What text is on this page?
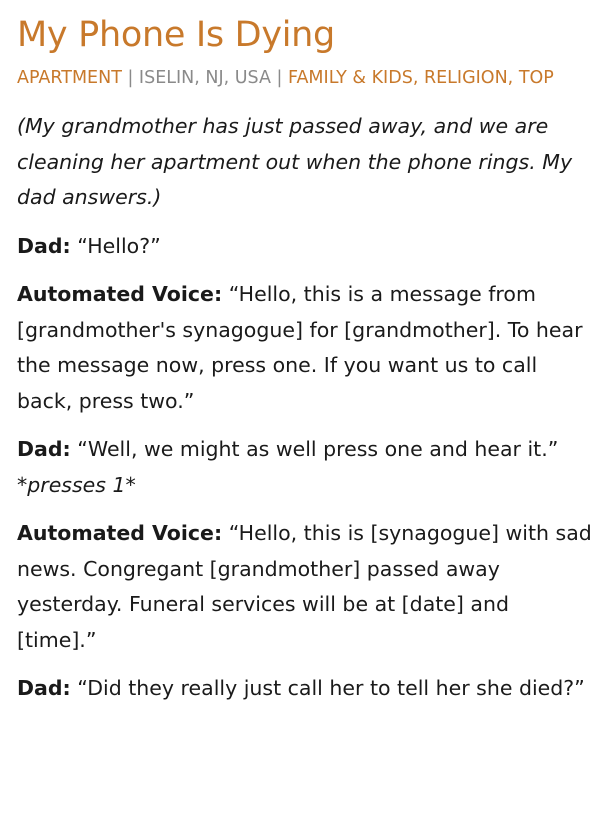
My Phone Is Dying
APARTMENT | ISELIN, NJ, USA | FAMILY & KIDS, RELIGION, TOP

(My grandmother has just passed away, and we are cleaning her apartment out when the phone rings. My dad answers.)

Dad: “Hello?”

Automated Voice: “Hello, this is a message from [grandmother's synagogue] for [grandmother]. To hear the message now, press one. If you want us to call back, press two.”

Dad: “Well, we might as well press one and hear it.” *presses 1*

Automated Voice: “Hello, this is [synagogue] with sad news. Congregant [grandmother] passed away yesterday. Funeral services will be at [date] and [time].”

Dad: “Did they really just call her to tell her she died?”
